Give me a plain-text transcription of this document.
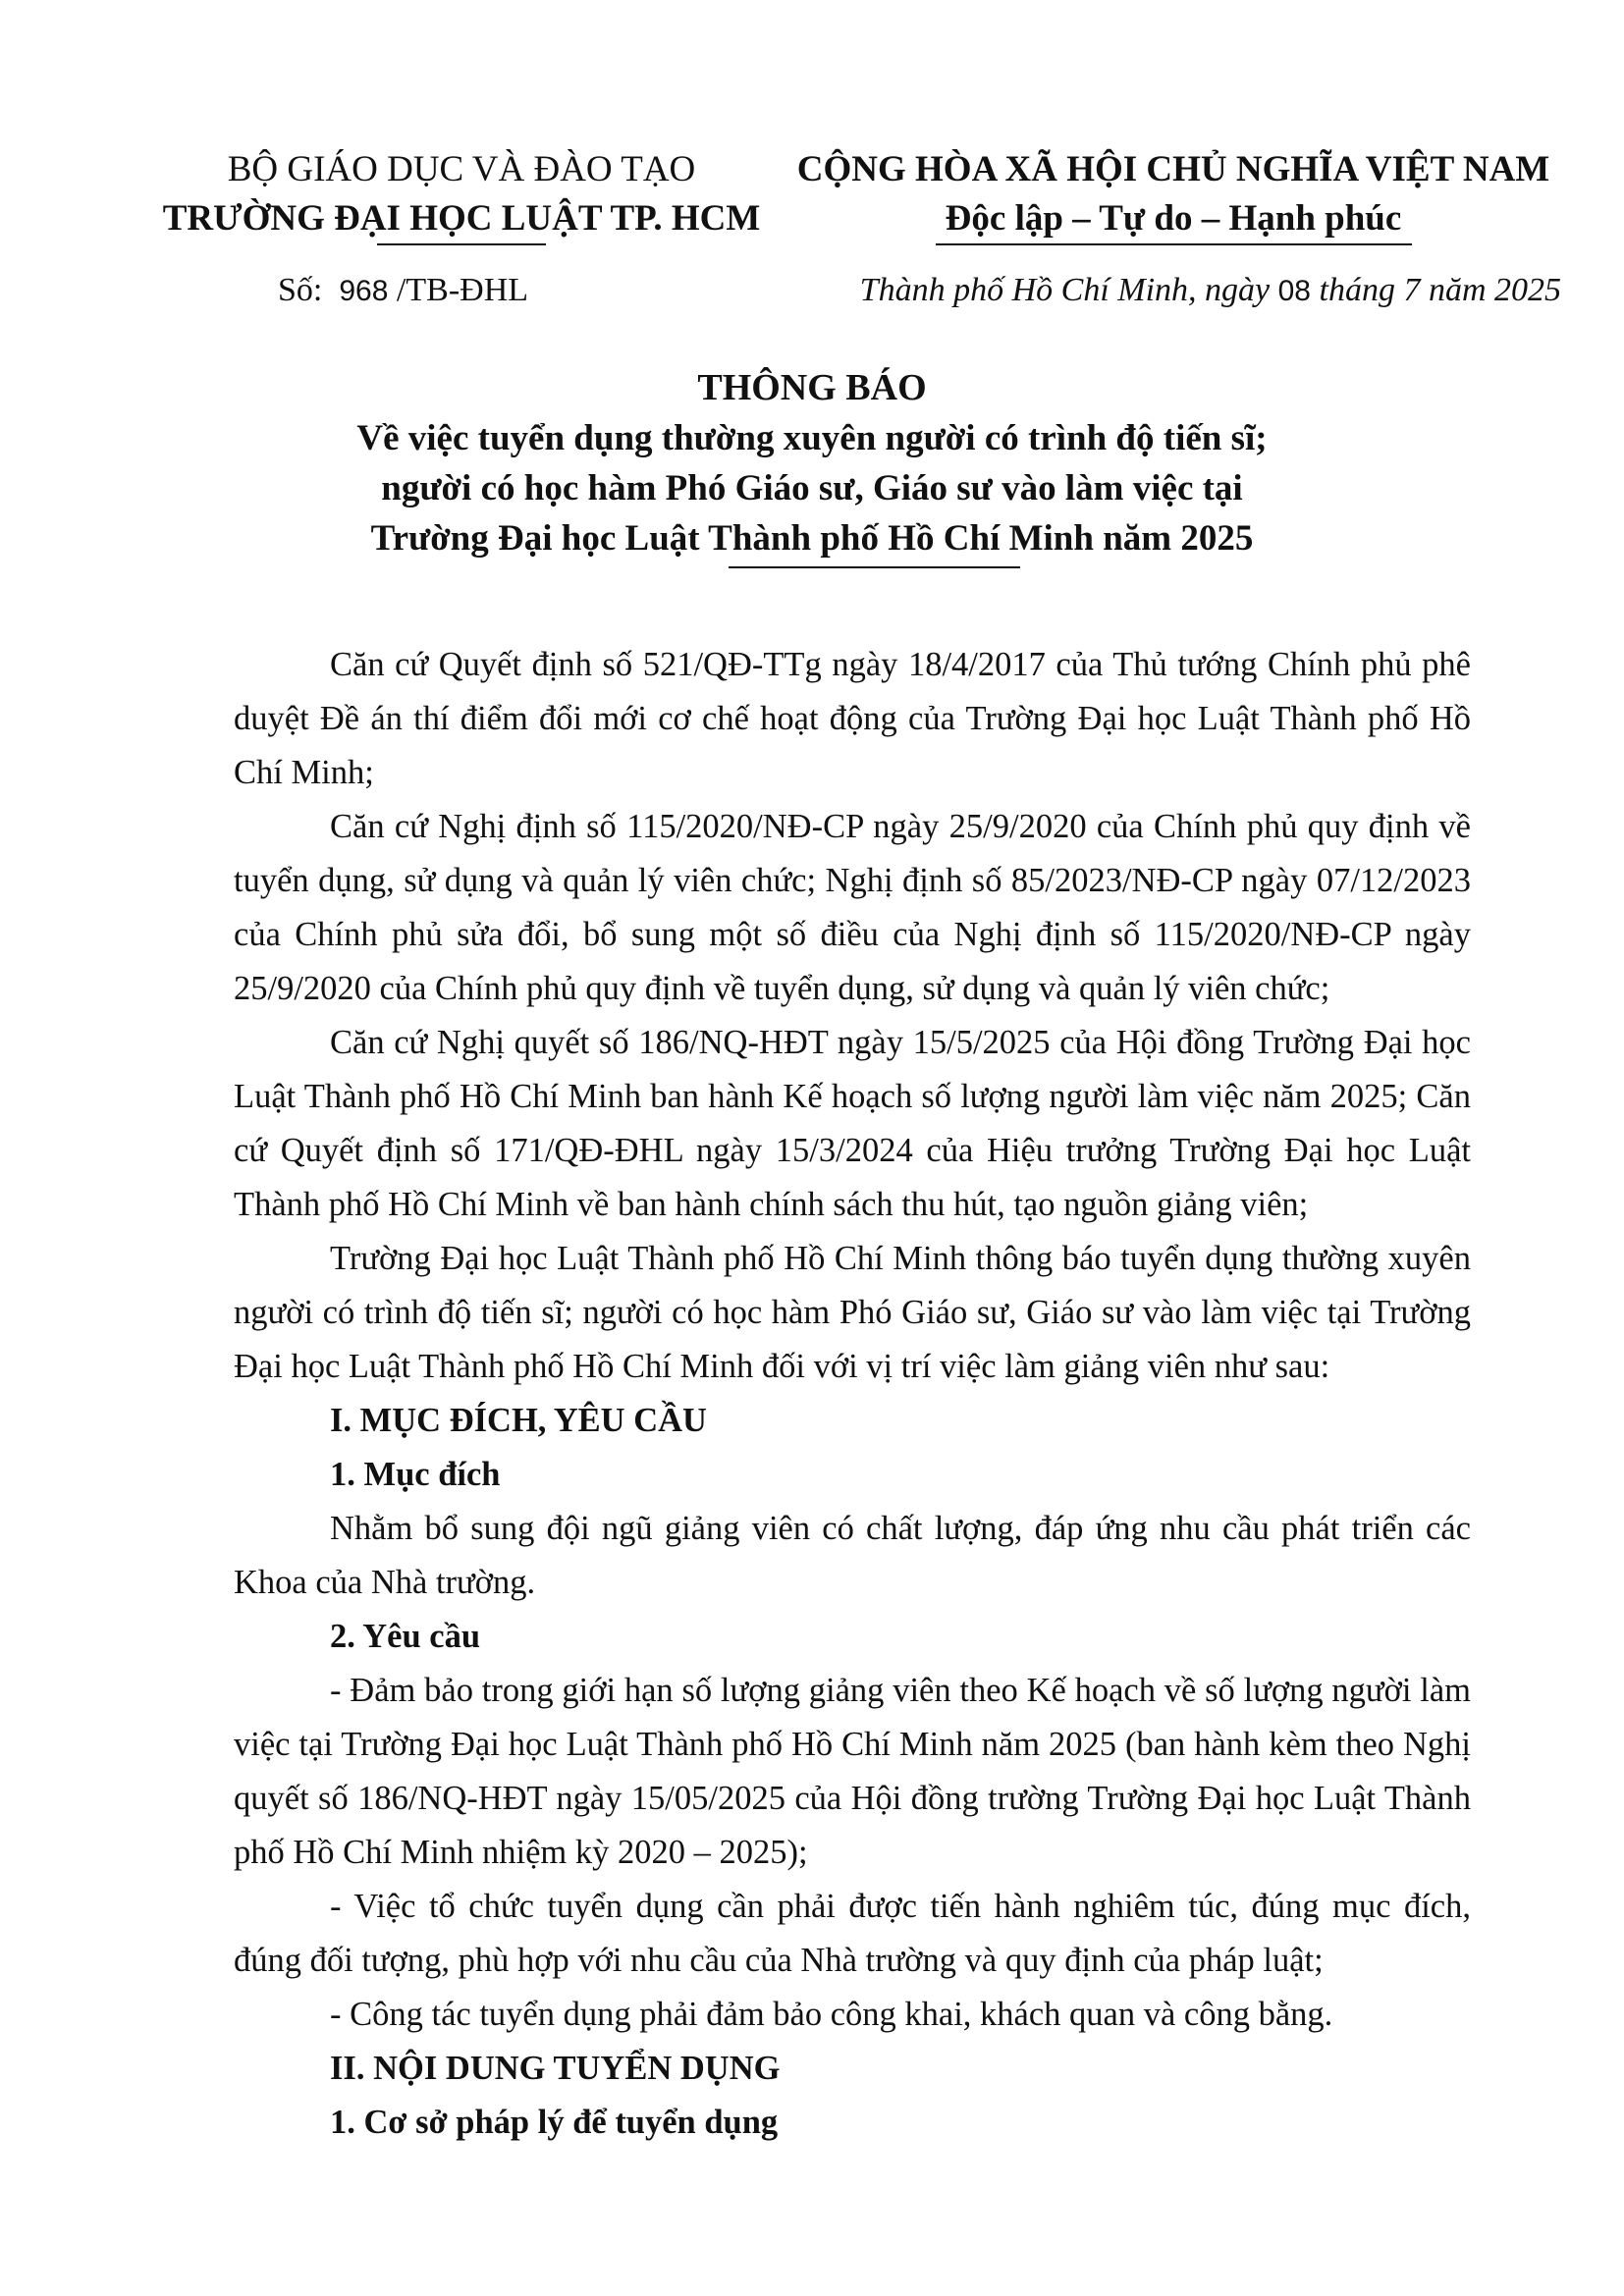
BỘ GIÁO DỤC VÀ ĐÀO TẠO
TRƯỜNG ĐẠI HỌC LUẬT TP. HCM
CỘNG HÒA XÃ HỘI CHỦ NGHĨA VIỆT NAM
Độc lập – Tự do – Hạnh phúc
Số:  968 /TB-ĐHL	Thành phố Hồ Chí Minh, ngày 08 tháng 7 năm 2025
THÔNG BÁO
Về việc tuyển dụng thường xuyên người có trình độ tiến sĩ;
người có học hàm Phó Giáo sư, Giáo sư vào làm việc tại
Trường Đại học Luật Thành phố Hồ Chí Minh năm 2025

Căn cứ Quyết định số 521/QĐ-TTg ngày 18/4/2017 của Thủ tướng Chính phủ phê duyệt Đề án thí điểm đổi mới cơ chế hoạt động của Trường Đại học Luật Thành phố Hồ Chí Minh;

Căn cứ Nghị định số 115/2020/NĐ-CP ngày 25/9/2020 của Chính phủ quy định về tuyển dụng, sử dụng và quản lý viên chức; Nghị định số 85/2023/NĐ-CP ngày 07/12/2023 của Chính phủ sửa đổi, bổ sung một số điều của Nghị định số 115/2020/NĐ-CP ngày 25/9/2020 của Chính phủ quy định về tuyển dụng, sử dụng và quản lý viên chức;

Căn cứ Nghị quyết số 186/NQ-HĐT ngày 15/5/2025 của Hội đồng Trường Đại học Luật Thành phố Hồ Chí Minh ban hành Kế hoạch số lượng người làm việc năm 2025; Căn cứ Quyết định số 171/QĐ-ĐHL ngày 15/3/2024 của Hiệu trưởng Trường Đại học Luật Thành phố Hồ Chí Minh về ban hành chính sách thu hút, tạo nguồn giảng viên;

Trường Đại học Luật Thành phố Hồ Chí Minh thông báo tuyển dụng thường xuyên người có trình độ tiến sĩ; người có học hàm Phó Giáo sư, Giáo sư vào làm việc tại Trường Đại học Luật Thành phố Hồ Chí Minh đối với vị trí việc làm giảng viên như sau:

I. MỤC ĐÍCH, YÊU CẦU

1. Mục đích

Nhằm bổ sung đội ngũ giảng viên có chất lượng, đáp ứng nhu cầu phát triển các Khoa của Nhà trường.

2. Yêu cầu

- Đảm bảo trong giới hạn số lượng giảng viên theo Kế hoạch về số lượng người làm việc tại Trường Đại học Luật Thành phố Hồ Chí Minh năm 2025 (ban hành kèm theo Nghị quyết số 186/NQ-HĐT ngày 15/05/2025 của Hội đồng trường Trường Đại học Luật Thành phố Hồ Chí Minh nhiệm kỳ 2020 – 2025);

- Việc tổ chức tuyển dụng cần phải được tiến hành nghiêm túc, đúng mục đích, đúng đối tượng, phù hợp với nhu cầu của Nhà trường và quy định của pháp luật;

- Công tác tuyển dụng phải đảm bảo công khai, khách quan và công bằng.

II. NỘI DUNG TUYỂN DỤNG

1. Cơ sở pháp lý để tuyển dụng
